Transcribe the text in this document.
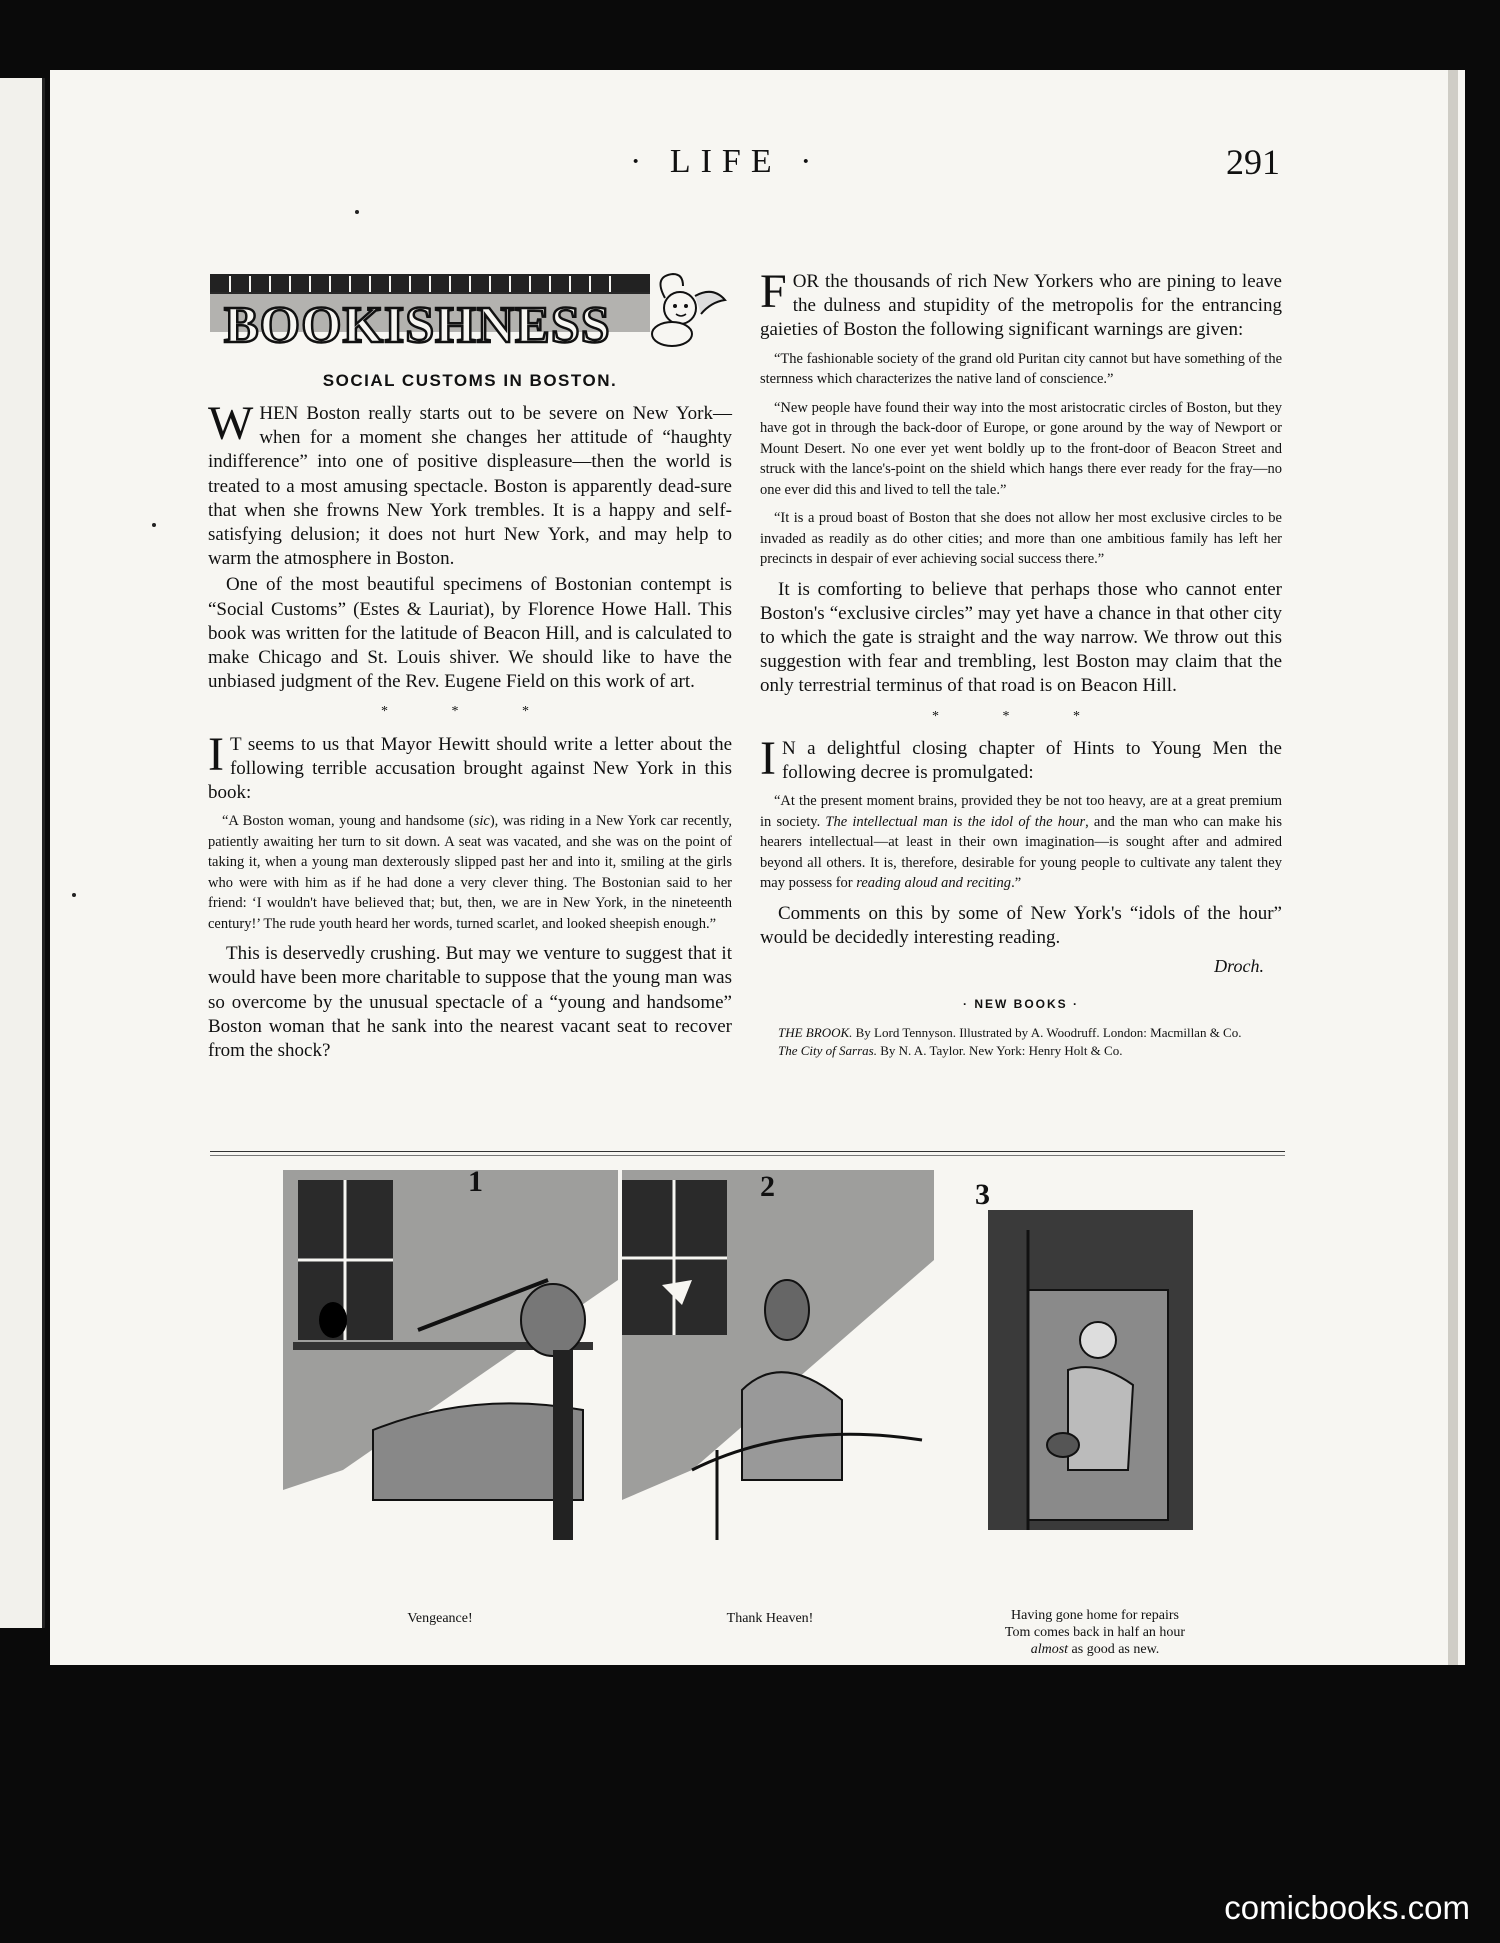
· LIFE ·	291
BOOKISHNESS
SOCIAL CUSTOMS IN BOSTON.

WHEN Boston really starts out to be severe on New York—when for a moment she changes her attitude of “haughty indifference” into one of positive displeasure—then the world is treated to a most amusing spectacle. Boston is apparently dead-sure that when she frowns New York trembles. It is a happy and self-satisfying delusion; it does not hurt New York, and may help to warm the atmosphere in Boston.

One of the most beautiful specimens of Bostonian contempt is “Social Customs” (Estes & Lauriat), by Florence Howe Hall. This book was written for the latitude of Beacon Hill, and is calculated to make Chicago and St. Louis shiver. We should like to have the unbiased judgment of the Rev. Eugene Field on this work of art.

* * *

I T seems to us that Mayor Hewitt should write a letter about the following terrible accusation brought against New York in this book:

“A Boston woman, young and handsome (sic), was riding in a New York car recently, patiently awaiting her turn to sit down. A seat was vacated, and she was on the point of taking it, when a young man dexterously slipped past her and into it, smiling at the girls who were with him as if he had done a very clever thing. The Bostonian said to her friend: ‘I wouldn't have believed that; but, then, we are in New York, in the nineteenth century!’ The rude youth heard her words, turned scarlet, and looked sheepish enough.”

This is deservedly crushing. But may we venture to suggest that it would have been more charitable to suppose that the young man was so overcome by the unusual spectacle of a “young and handsome” Boston woman that he sank into the nearest vacant seat to recover from the shock?

FOR the thousands of rich New Yorkers who are pining to leave the dulness and stupidity of the metropolis for the entrancing gaieties of Boston the following significant warnings are given:

“The fashionable society of the grand old Puritan city cannot but have something of the sternness which characterizes the native land of conscience.”
“New people have found their way into the most aristocratic circles of Boston, but they have got in through the back-door of Europe, or gone around by the way of Newport or Mount Desert. No one ever yet went boldly up to the front-door of Beacon Street and struck with the lance's-point on the shield which hangs there ever ready for the fray—no one ever did this and lived to tell the tale.”
“It is a proud boast of Boston that she does not allow her most exclusive circles to be invaded as readily as do other cities; and more than one ambitious family has left her precincts in despair of ever achieving social success there.”

It is comforting to believe that perhaps those who cannot enter Boston's “exclusive circles” may yet have a chance in that other city to which the gate is straight and the way narrow. We throw out this suggestion with fear and trembling, lest Boston may claim that the only terrestrial terminus of that road is on Beacon Hill.

* * *

I N a delightful closing chapter of Hints to Young Men the following decree is promulgated:

“At the present moment brains, provided they be not too heavy, are at a great premium in society. The intellectual man is the idol of the hour, and the man who can make his hearers intellectual—at least in their own imagination—is sought after and admired beyond all others. It is, therefore, desirable for young people to cultivate any talent they may possess for reading aloud and reciting.”

Comments on this by some of New York's “idols of the hour” would be decidedly interesting reading.

Droch.
· NEW BOOKS ·

THE BROOK. By Lord Tennyson. Illustrated by A. Woodruff. London: Macmillan & Co.

The City of Sarras. By N. A. Taylor. New York: Henry Holt & Co.

1	2	3
Vengeance!	Thank Heaven!	Having gone home for repairs
Tom comes back in half an hour
almost as good as new.
comicbooks.com
